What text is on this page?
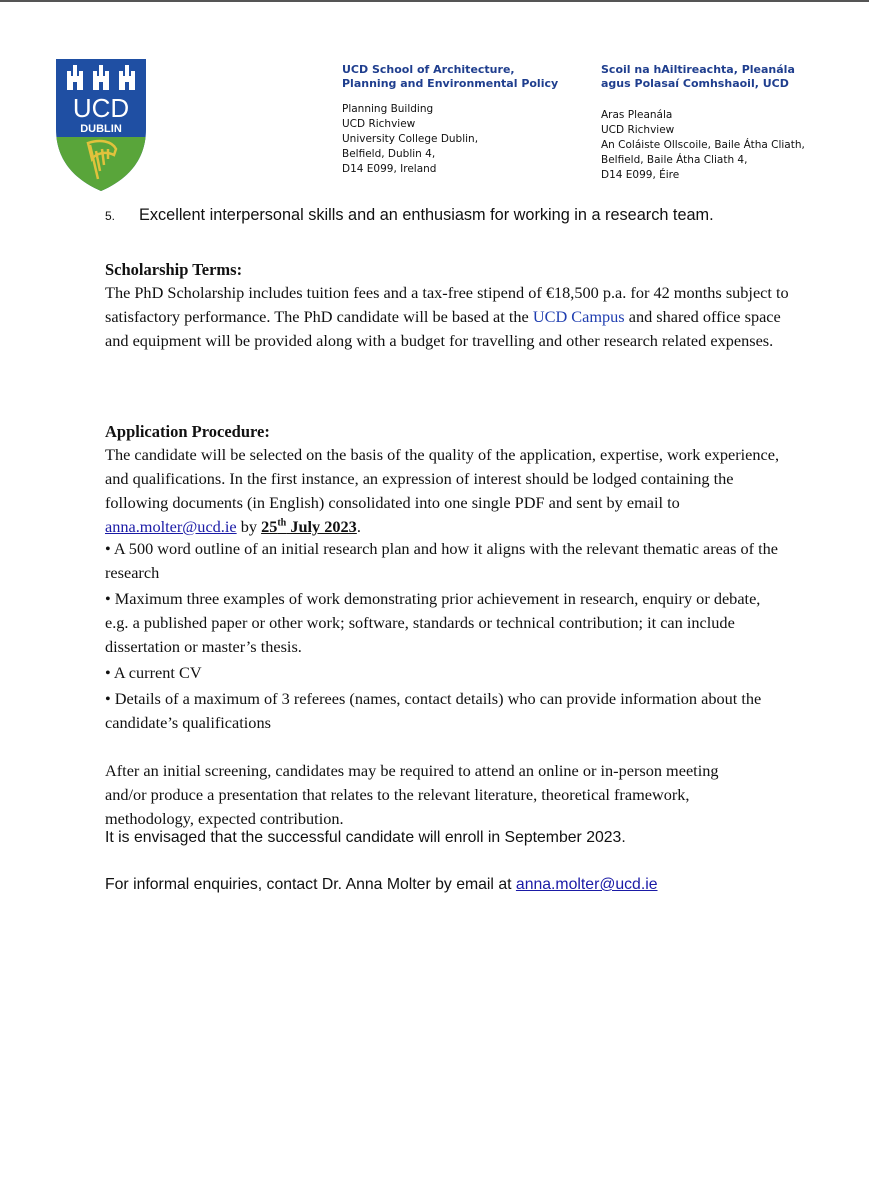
UCD
DUBLIN
UCD School of Architecture,
Planning and Environmental Policy
Planning Building
UCD Richview
University College Dublin,
Belfield, Dublin 4,
D14 E099, Ireland
Scoil na hAiltireachta, Pleanála
agus Polasaí Comhshaoil, UCD
Aras Pleanála
UCD Richview
An Coláiste Ollscoile, Baile Átha Cliath,
Belfield, Baile Átha Cliath 4,
D14 E099, Éire
5. Excellent interpersonal skills and an enthusiasm for working in a research team.
Scholarship Terms:
The PhD Scholarship includes tuition fees and a tax-free stipend of €18,500 p.a. for 42 months subject to satisfactory performance. The PhD candidate will be based at the UCD Campus and shared office space and equipment will be provided along with a budget for travelling and other research related expenses.
Application Procedure:
The candidate will be selected on the basis of the quality of the application, expertise, work experience, and qualifications. In the first instance, an expression of interest should be lodged containing the following documents (in English) consolidated into one single PDF and sent by email to anna.molter@ucd.ie by 25th July 2023.
• A 500 word outline of an initial research plan and how it aligns with the relevant thematic areas of the research
• Maximum three examples of work demonstrating prior achievement in research, enquiry or debate, e.g. a published paper or other work; software, standards or technical contribution; it can include dissertation or master’s thesis.
• A current CV
• Details of a maximum of 3 referees (names, contact details) who can provide information about the candidate’s qualifications
After an initial screening, candidates may be required to attend an online or in-person meeting and/or produce a presentation that relates to the relevant literature, theoretical framework, methodology, expected contribution.
It is envisaged that the successful candidate will enroll in September 2023.
For informal enquiries, contact Dr. Anna Molter by email at anna.molter@ucd.ie
